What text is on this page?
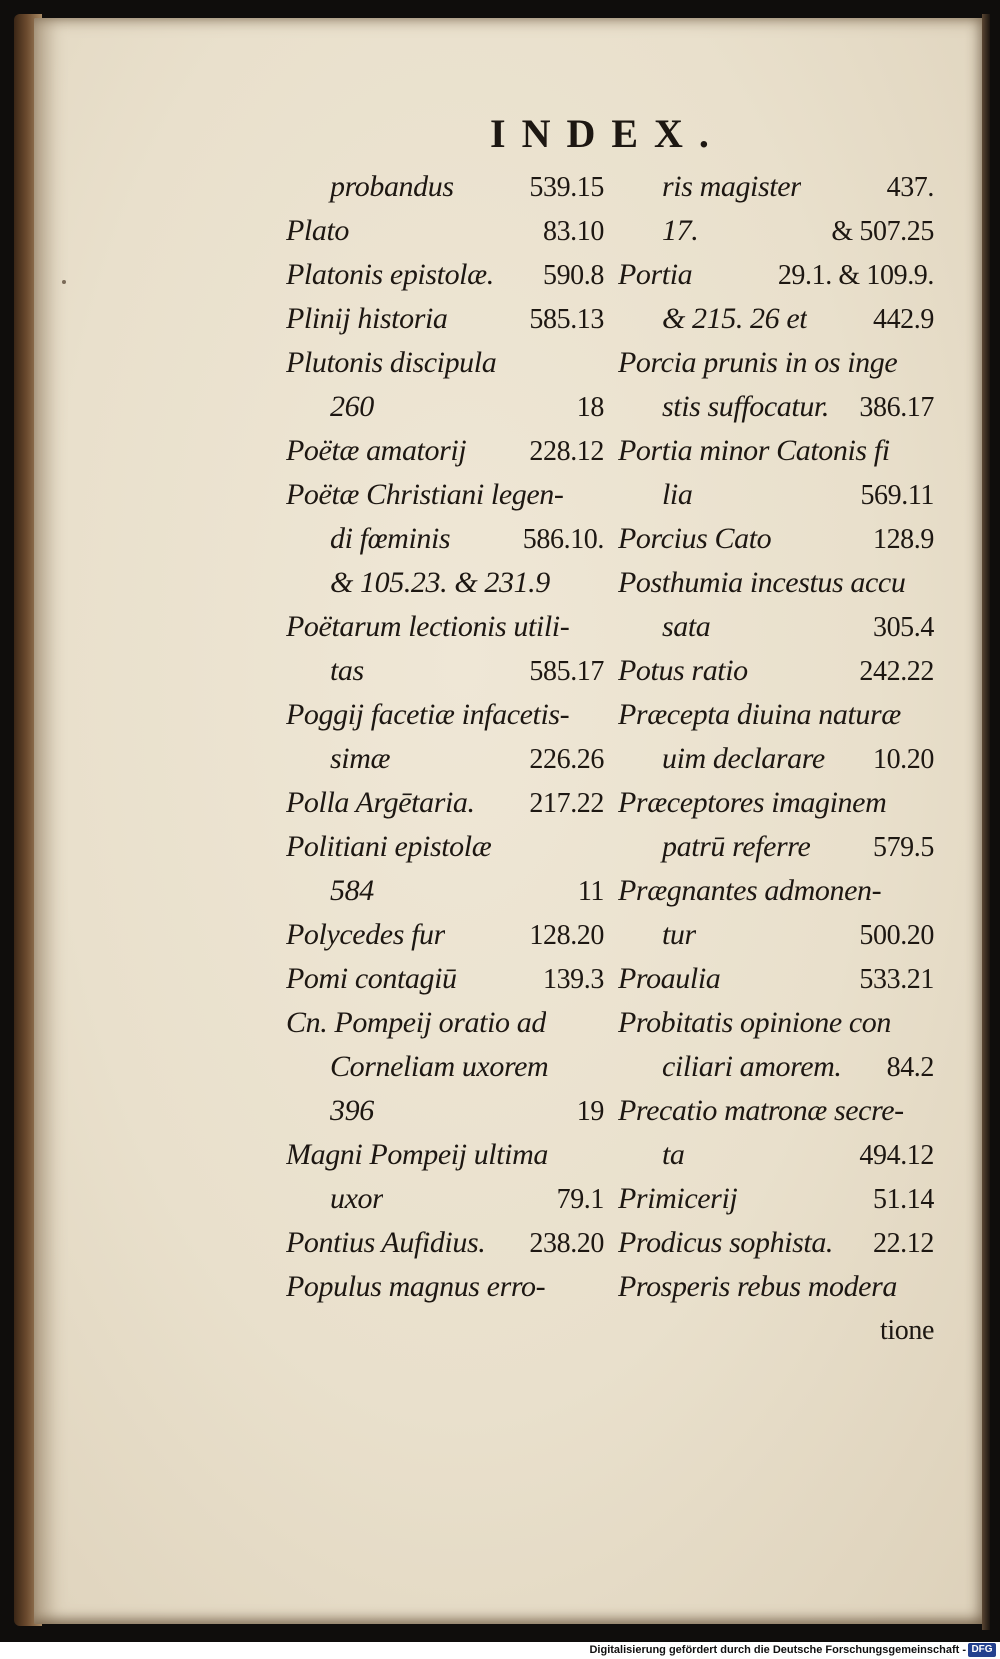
INDEX.
probandus	539.15
Plato	83.10
Platonis epistolæ.	590.8
Plinij historia	585.13
Plutonis discipula
260	18
Poëtæ amatorij	228.12
Poëtæ Christiani legen-
di fœminis	586.10.
& 105.23. & 231.9
Poëtarum lectionis utili-
tas	585.17
Poggij facetiæ infacetis-
simæ	226.26
Polla Argētaria.	217.22
Politiani epistolæ
584	11
Polycedes fur	128.20
Pomi contagiū	139.3
Cn. Pompeij oratio ad
Corneliam uxorem
396	19
Magni Pompeij ultima
uxor	79.1
Pontius Aufidius.	238.20
Populus magnus erro-
ris magister	437.
17.	& 507.25
Portia	29.1. & 109.9.
& 215. 26 et	442.9
Porcia prunis in os inge
stis suffocatur.	386.17
Portia minor Catonis fi
lia	569.11
Porcius Cato	128.9
Posthumia incestus accu
sata	305.4
Potus ratio	242.22
Præcepta diuina naturæ
uim declarare	10.20
Præceptores imaginem
patrū referre	579.5
Prægnantes admonen-
tur	500.20
Proaulia	533.21
Probitatis opinione con
ciliari amorem.	84.2
Precatio matronæ secre-
ta	494.12
Primicerij	51.14
Prodicus sophista.	22.12
Prosperis rebus modera
tione
Digitalisierung gefördert durch die Deutsche Forschungsgemeinschaft - DFG
